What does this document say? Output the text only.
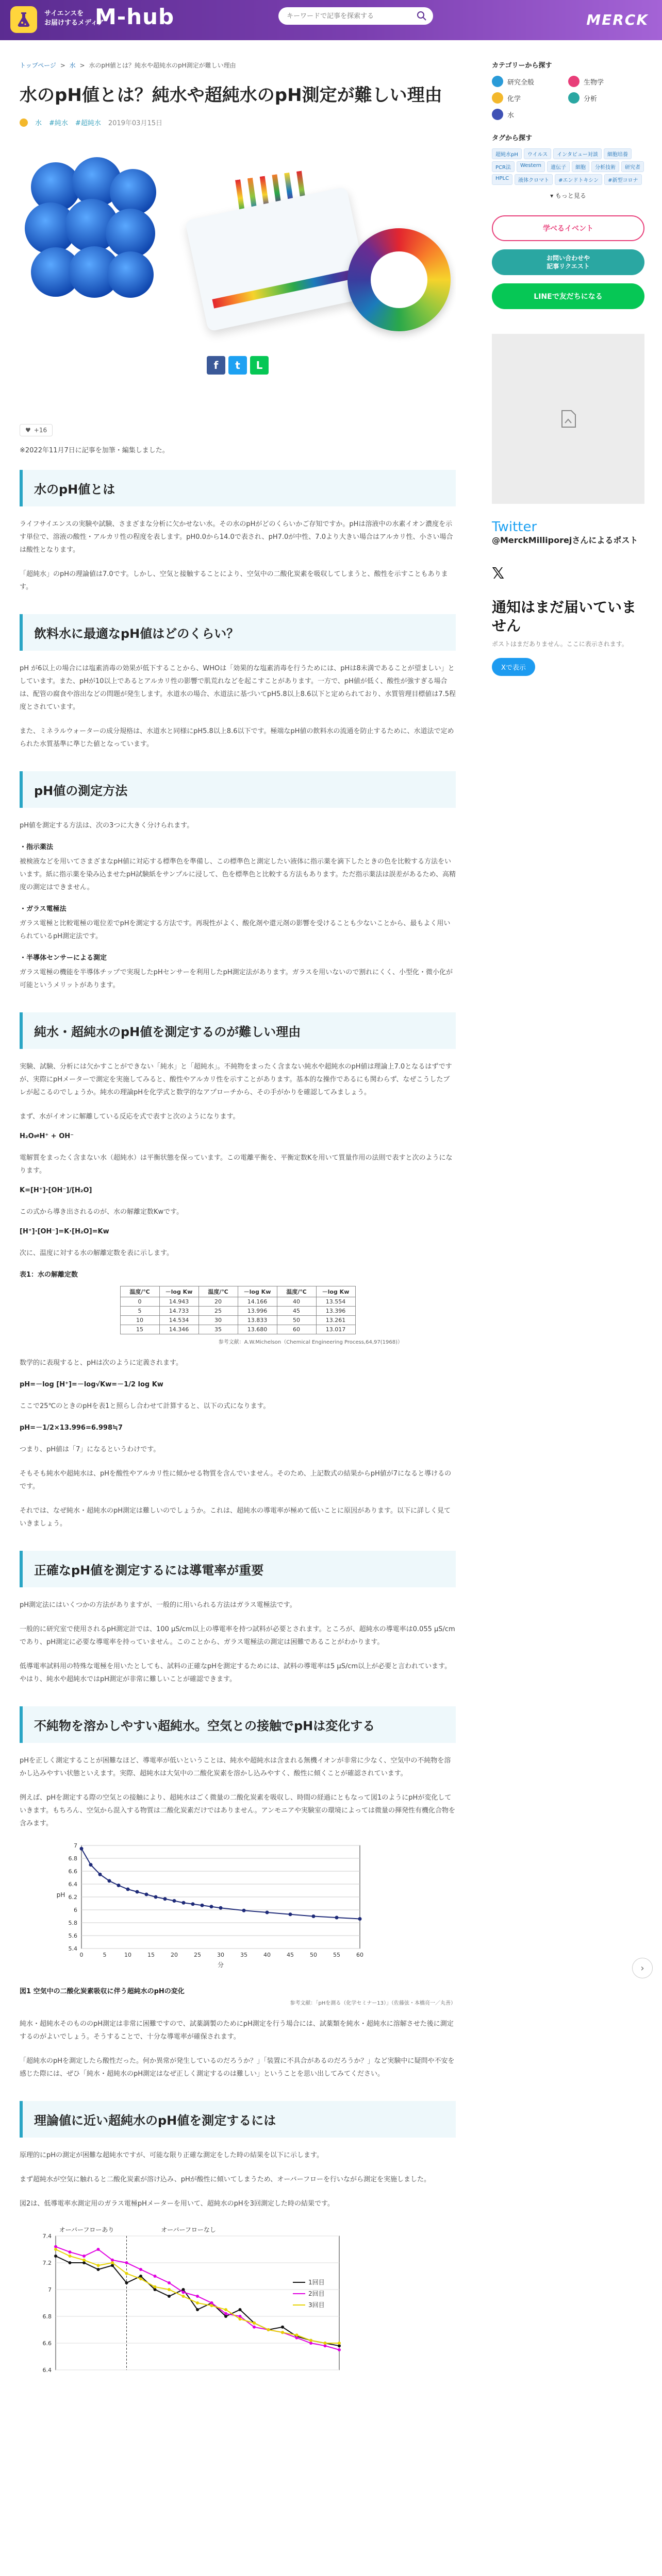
サイエンスを
お届けするメディア
M-hub
キーワードで記事を探索する	MERCK
トップページ > 水 > 水のpH値とは？純水や超純水のpH測定が難しい理由
水のpH値とは？純水や超純水のpH測定が難しい理由
水 #純水 #超純水 2019年03月15日
f	t	L
♥ +16
※2022年11月7日に記事を加筆・編集しました。
水のpH値とは

ライフサイエンスの実験や試験、さまざまな分析に欠かせない水。その水のpHがどのくらいかご存知ですか。pHは溶液中の水素イオン濃度を示す単位で、溶液の酸性・アルカリ性の程度を表します。pH0.0から14.0で表され、pH7.0が中性、7.0より大きい場合はアルカリ性、小さい場合は酸性となります。

「超純水」のpHの理論値は7.0です。しかし、空気と接触することにより、空気中の二酸化炭素を吸収してしまうと、酸性を示すこともあります。

飲料水に最適なpH値はどのくらい？

pH が6以上の場合には塩素消毒の効果が低下することから、WHOは「効果的な塩素消毒を行うためには、pHは8未満であることが望ましい」としています。また、pHが10以上であるとアルカリ性の影響で肌荒れなどを起こすことがあります。一方で、pH値が低く、酸性が強すぎる場合は、配管の腐食や溶出などの問題が発生します。水道水の場合、水道法に基づいてpH5.8以上8.6以下と定められており、水質管理目標値は7.5程度とされています。

また、ミネラルウォーターの成分規格は、水道水と同様にpH5.8以上8.6以下です。極端なpH値の飲料水の流通を防止するために、水道法で定められた水質基準に準じた値となっています。

pH値の測定方法

pH値を測定する方法は、次の3つに大きく分けられます。

・指示薬法

被検液などを用いてさまざまなpH値に対応する標準色を準備し、この標準色と測定したい液体に指示薬を滴下したときの色を比較する方法をいいます。紙に指示薬を染み込ませたpH試験紙をサンプルに浸して、色を標準色と比較する方法もあります。ただ指示薬法は誤差があるため、高精度の測定はできません。

・ガラス電極法

ガラス電極と比較電極の電位差でpHを測定する方法です。再現性がよく、酸化剤や還元剤の影響を受けることも少ないことから、最もよく用いられているpH測定法です。

・半導体センサーによる測定

ガラス電極の機能を半導体チップで実現したpHセンサーを利用したpH測定法があります。ガラスを用いないので割れにくく、小型化・微小化が可能というメリットがあります。

純水・超純水のpH値を測定するのが難しい理由

実験、試験、分析には欠かすことができない「純水」と「超純水」。不純物をまったく含まない純水や超純水のpH値は理論上7.0となるはずですが、実際にpHメーターで測定を実施してみると、酸性やアルカリ性を示すことがあります。基本的な操作であるにも関わらず、なぜこうしたブレが起こるのでしょうか。純水の理論pHを化学式と数学的なアプローチから、その手がかりを確認してみましょう。

まず、水がイオンに解離している反応を式で表すと次のようになります。

H₂O⇌H⁺ + OH⁻

電解質をまったく含まない水（超純水）は平衡状態を保っています。この電離平衡を、平衡定数Kを用いて質量作用の法則で表すと次のようになります。

K=[H⁺]·[OH⁻]/[H₂O]

この式から導き出されるのが、水の解離定数Kwです。

[H⁺]·[OH⁻]=K·[H₂O]=Kw

次に、温度に対する水の解離定数を表に示します。

表1：水の解離定数
温度/℃	－log Kw	温度/℃	－log Kw	温度/℃	－log Kw
0	14.943	20	14.166	40	13.554
5	14.733	25	13.996	45	13.396
10	14.534	30	13.833	50	13.261
15	14.346	35	13.680	60	13.017
参考文献：A.W.Michelson（Chemical Engineering Process,64,97(1968)）

数学的に表現すると、pHは次のように定義されます。

pH=－log [H⁺]=－log√Kw=－1/2 log Kw

ここで25℃のときのpHを表1と照らし合わせて計算すると、以下の式になります。

pH=－1/2×13.996=6.998≒7

つまり、pH値は「7」になるというわけです。

そもそも純水や超純水は、pHを酸性やアルカリ性に傾かせる物質を含んでいません。そのため、上記数式の結果からpH値が7になると導けるのです。

それでは、なぜ純水・超純水のpH測定は難しいのでしょうか。これは、超純水の導電率が極めて低いことに原因があります。以下に詳しく見ていきましょう。

正確なpH値を測定するには導電率が重要

pH測定法にはいくつかの方法がありますが、一般的に用いられる方法はガラス電極法です。

一般的に研究室で使用されるpH測定計では、100 µS/cm以上の導電率を持つ試料が必要とされます。ところが、超純水の導電率は0.055 µS/cm であり、pH測定に必要な導電率を持っていません。このことから、ガラス電極法の測定は困難であることがわかります。

低導電率試料用の特殊な電極を用いたとしても、試料の正確なpHを測定するためには、試料の導電率は5 µS/cm以上が必要と言われています。やはり、純水や超純水ではpH測定が非常に難しいことが確認できます。

不純物を溶かしやすい超純水。空気との接触でpHは変化する

pHを正しく測定することが困難なほど、導電率が低いということは、純水や超純水は含まれる無機イオンが非常に少なく、空気中の不純物を溶かし込みやすい状態といえます。実際、超純水は大気中の二酸化炭素を溶かし込みやすく、酸性に傾くことが確認されています。

例えば、pHを測定する際の空気との接触により、超純水はごく微量の二酸化炭素を吸収し、時間の経過にともなって図1のようにpHが変化していきます。もちろん、空気から混入する物質は二酸化炭素だけではありません。アンモニアや実験室の環境によっては微量の揮発性有機化合物を含みます。

7
6.8
6.6
6.4
6.2
6
5.8
5.6
5.4
0	5	10	15	20	25	30	35	40	45	50	55	60
pH
分
図1 空気中の二酸化炭素吸収に伴う超純水のpHの変化
参考文献：「pHを測る（化学セミナー13）」（佐藤弦・本橋亮一／丸善）

純水・超純水そのもののpH測定は非常に困難ですので、試薬調製のためにpH測定を行う場合には、試薬類を純水・超純水に溶解させた後に測定するのがよいでしょう。そうすることで、十分な導電率が確保されます。

「超純水のpHを測定したら酸性だった。何か異常が発生しているのだろうか？」「装置に不具合があるのだろうか？」など実験中に疑問や不安を感じた際には、ぜひ「純水・超純水のpH測定はなぜ正しく測定するのは難しい」ということを思い出してみてください。

理論値に近い超純水のpH値を測定するには

原理的にpHの測定が困難な超純水ですが、可能な限り正確な測定をした時の結果を以下に示します。

まず超純水が空気に触れると二酸化炭素が溶け込み、pHが酸性に傾いてしまうため、オーバーフローを行いながら測定を実施しました。

図2は、低導電率水測定用のガラス電極pHメーターを用いて、超純水のpHを3回測定した時の結果です。

7.4
7.2
7
6.8
6.6
6.4
オーバーフローあり	オーバーフローなし
1回目
2回目
3回目
カテゴリーから探す
研究全般	生物学
化学	分析
水
タグから探す
超純水pH	ウイルス	インタビュー対談	細胞培養
PCR法	Western	遺伝子	細胞	分析技術	研究者
HPLC	液体クロマト	#エンドトキシン	#新型コロナ
▾ もっと見る
学べるイベント
お問い合わせや
記事リクエスト
LINEで友だちになる
Twitter
@MerckMilliporejさんによるポスト
𝕏
通知はまだ届いていません
ポストはまだありません。ここに表示されます。
Xで表示
›
